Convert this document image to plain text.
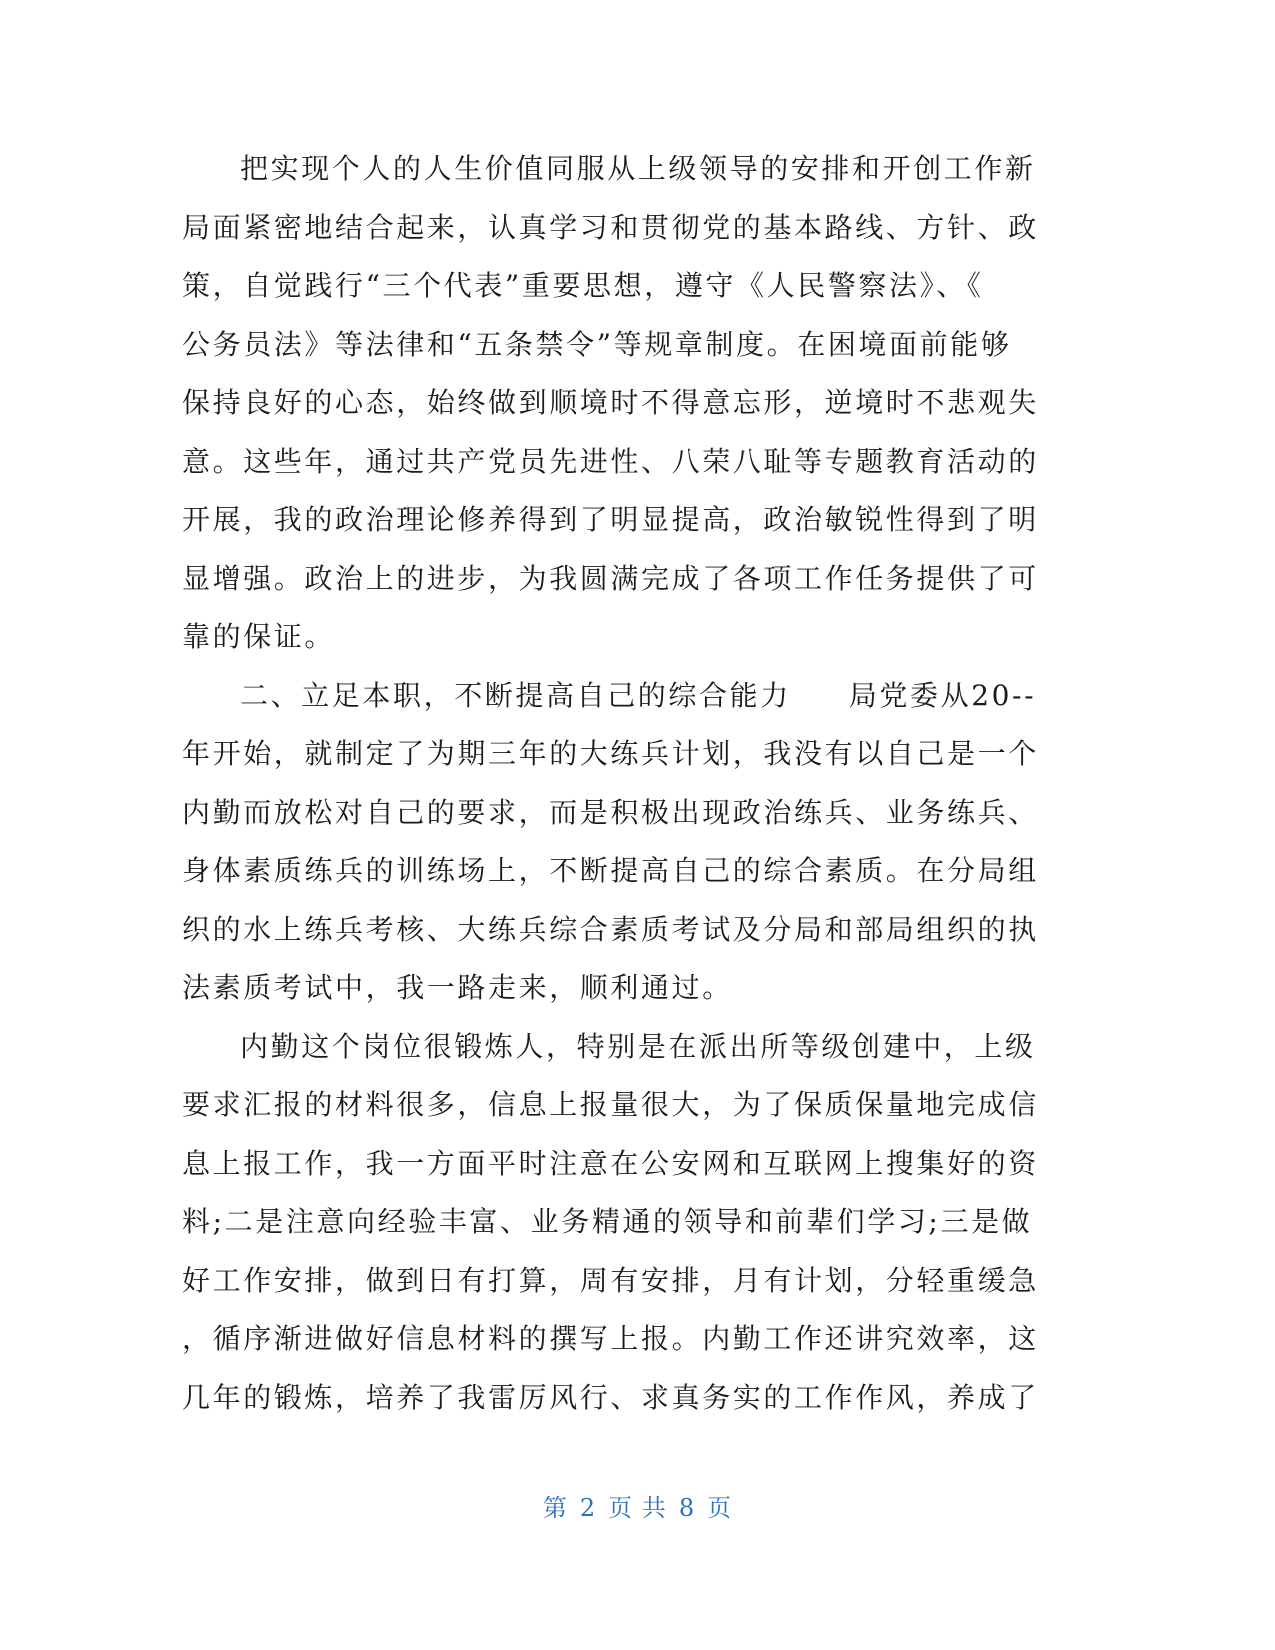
把实现个人的人生价值同服从上级领导的安排和开创工作新
局面紧密地结合起来，认真学习和贯彻党的基本路线、方针、政
策，自觉践行“三个代表”重要思想，遵守《人民警察法》、《
公务员法》等法律和“五条禁令”等规章制度。在困境面前能够
保持良好的心态，始终做到顺境时不得意忘形，逆境时不悲观失
意。这些年，通过共产党员先进性、八荣八耻等专题教育活动的
开展，我的政治理论修养得到了明显提高，政治敏锐性得到了明
显增强。政治上的进步，为我圆满完成了各项工作任务提供了可
靠的保证。
二、立足本职，不断提高自己的综合能力 局党委从20--
年开始，就制定了为期三年的大练兵计划，我没有以自己是一个
内勤而放松对自己的要求，而是积极出现政治练兵、业务练兵、
身体素质练兵的训练场上，不断提高自己的综合素质。在分局组
织的水上练兵考核、大练兵综合素质考试及分局和部局组织的执
法素质考试中，我一路走来，顺利通过。
内勤这个岗位很锻炼人，特别是在派出所等级创建中，上级
要求汇报的材料很多，信息上报量很大，为了保质保量地完成信
息上报工作，我一方面平时注意在公安网和互联网上搜集好的资
料;二是注意向经验丰富、业务精通的领导和前辈们学习;三是做
好工作安排，做到日有打算，周有安排，月有计划，分轻重缓急
，循序渐进做好信息材料的撰写上报。内勤工作还讲究效率，这
几年的锻炼，培养了我雷厉风行、求真务实的工作作风，养成了
第 2 页 共 8 页
